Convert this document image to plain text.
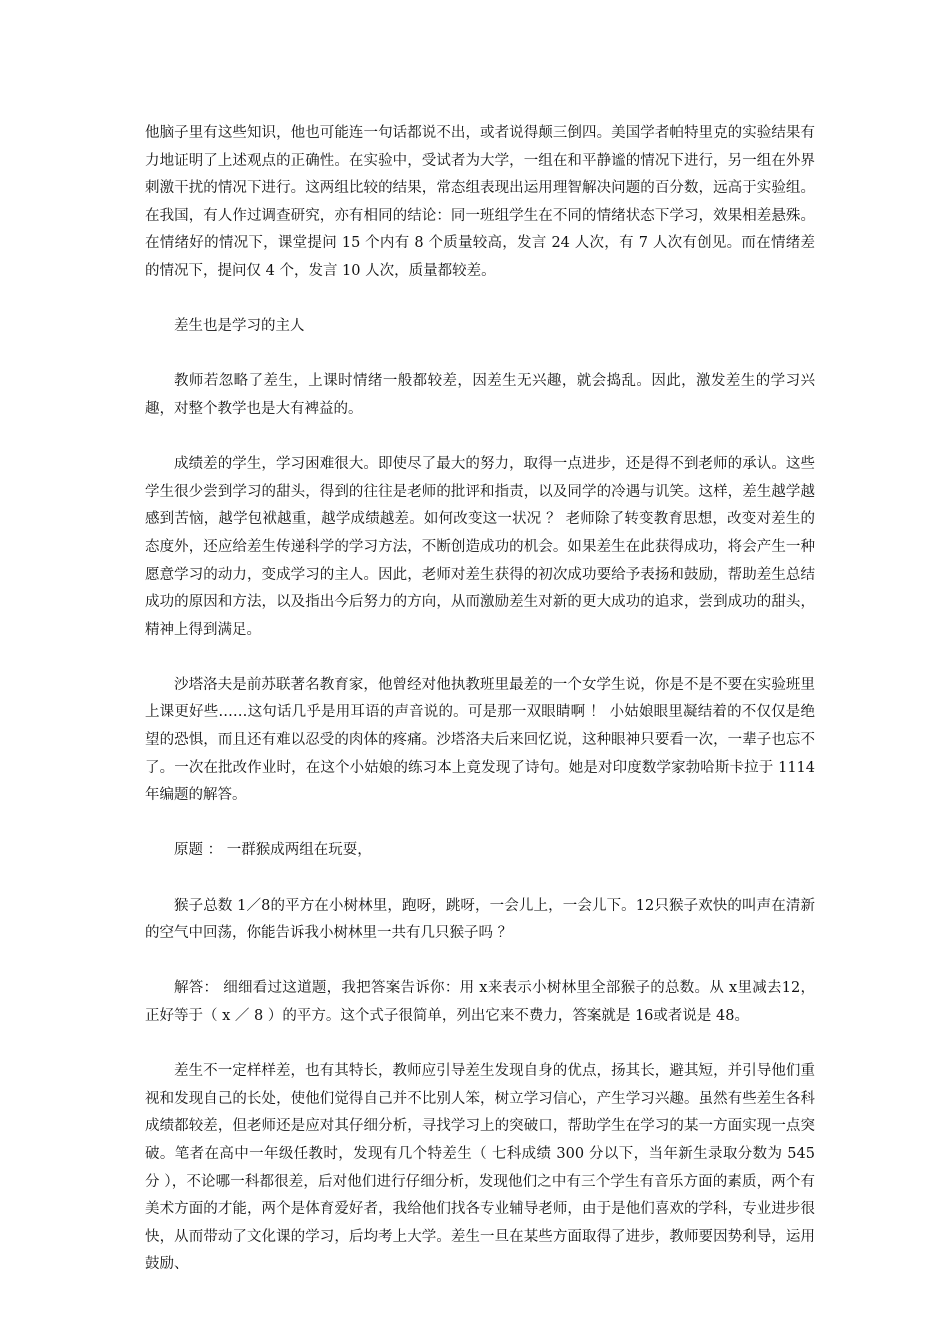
他脑子里有这些知识，他也可能连一句话都说不出，或者说得颠三倒四。美国学者帕特里克的实验结果有力地证明了上述观点的正确性。在实验中，受试者为大学，一组在和平静谧的情况下进行，另一组在外界刺激干扰的情况下进行。这两组比较的结果，常态组表现出运用理智解决问题的百分数，远高于实验组。在我国，有人作过调查研究，亦有相同的结论：同一班组学生在不同的情绪状态下学习，效果相差悬殊。在情绪好的情况下，课堂提问 15 个内有 8 个质量较高，发言 24 人次，有 7 人次有创见。而在情绪差的情况下，提问仅 4 个，发言 10 人次，质量都较差。

差生也是学习的主人

教师若忽略了差生，上课时情绪一般都较差，因差生无兴趣，就会捣乱。因此，激发差生的学习兴趣，对整个教学也是大有裨益的。

成绩差的学生，学习困难很大。即使尽了最大的努力，取得一点进步，还是得不到老师的承认。这些学生很少尝到学习的甜头，得到的往往是老师的批评和指责，以及同学的冷遇与讥笑。这样，差生越学越感到苦恼，越学包袱越重，越学成绩越差。如何改变这一状况 ？ 老师除了转变教育思想，改变对差生的态度外，还应给差生传递科学的学习方法，不断创造成功的机会。如果差生在此获得成功，将会产生一种愿意学习的动力，变成学习的主人。因此，老师对差生获得的初次成功要给予表扬和鼓励，帮助差生总结成功的原因和方法，以及指出今后努力的方向，从而激励差生对新的更大成功的追求，尝到成功的甜头，精神上得到满足。

沙塔洛夫是前苏联著名教育家，他曾经对他执教班里最差的一个女学生说，你是不是不要在实验班里上课更好些……这句话几乎是用耳语的声音说的。可是那一双眼睛啊 ！ 小姑娘眼里凝结着的不仅仅是绝望的恐惧，而且还有难以忍受的肉体的疼痛。沙塔洛夫后来回忆说，这种眼神只要看一次，一辈子也忘不了。一次在批改作业时，在这个小姑娘的练习本上竟发现了诗句。她是对印度数学家勃哈斯卡拉于 1114 年编题的解答。

原题 ： 一群猴成两组在玩耍，

猴子总数 1／8的平方在小树林里，跑呀，跳呀，一会儿上，一会儿下。12只猴子欢快的叫声在清新的空气中回荡，你能告诉我小树林里一共有几只猴子吗 ？

解答： 细细看过这道题，我把答案告诉你：用 x来表示小树林里全部猴子的总数。从 x里减去12，正好等于（ x ／ 8 ）的平方。这个式子很简单，列出它来不费力，答案就是 16或者说是 48。

差生不一定样样差，也有其特长，教师应引导差生发现自身的优点，扬其长，避其短，并引导他们重视和发现自己的长处，使他们觉得自己并不比别人笨，树立学习信心，产生学习兴趣。虽然有些差生各科成绩都较差，但老师还是应对其仔细分析，寻找学习上的突破口，帮助学生在学习的某一方面实现一点突破。笔者在高中一年级任教时，发现有几个特差生（ 七科成绩 300 分以下，当年新生录取分数为 545 分 ），不论哪一科都很差，后对他们进行仔细分析，发现他们之中有三个学生有音乐方面的素质，两个有美术方面的才能，两个是体育爱好者，我给他们找各专业辅导老师，由于是他们喜欢的学科，专业进步很快，从而带动了文化课的学习，后均考上大学。差生一旦在某些方面取得了进步，教师要因势利导，运用鼓励、
